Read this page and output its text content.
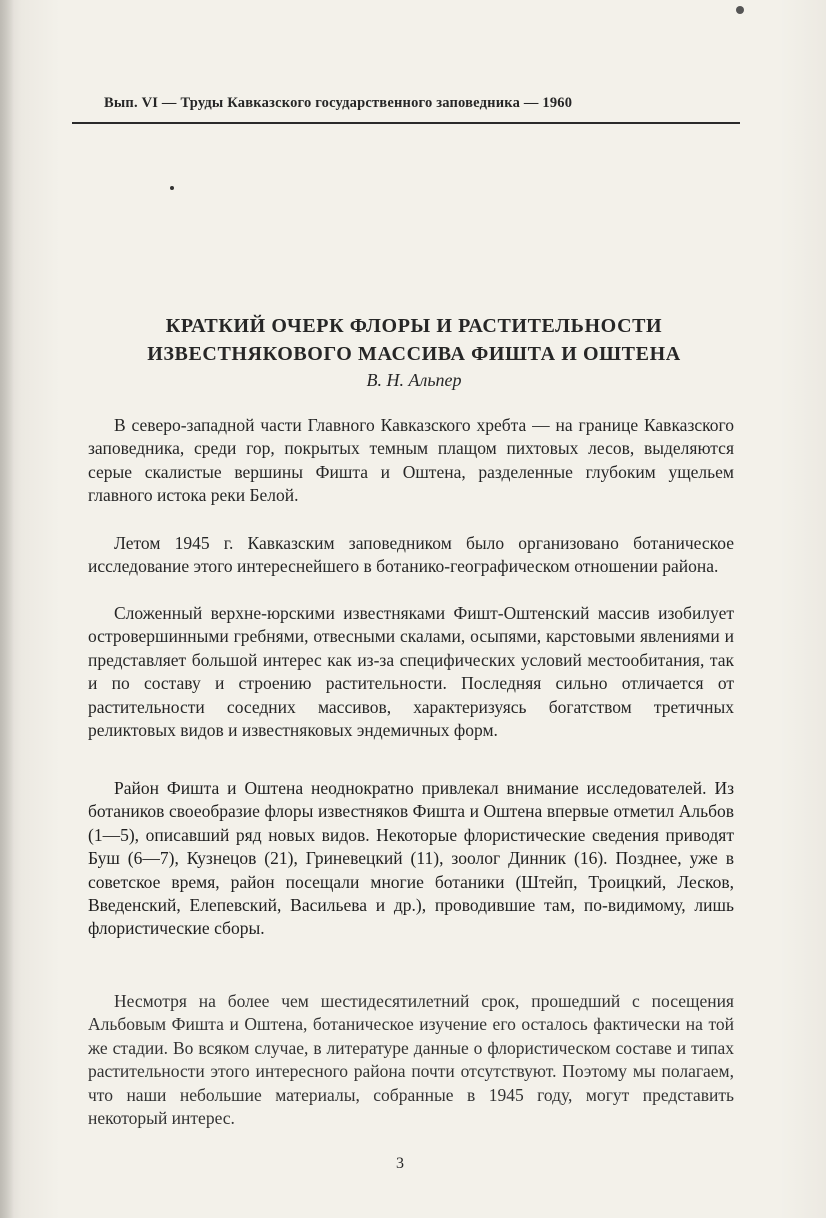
Вып. VI — Труды Кавказского государственного заповедника — 1960
КРАТКИЙ ОЧЕРК ФЛОРЫ И РАСТИТЕЛЬНОСТИ
ИЗВЕСТНЯКОВОГО МАССИВА ФИШТА И ОШТЕНА
В. Н. Альпер
В северо-западной части Главного Кавказского хребта — на границе Кавказского заповедника, среди гор, покрытых темным плащом пихтовых лесов, выделяются серые скалистые вершины Фишта и Оштена, разделенные глубоким ущельем главного истока реки Белой.
Летом 1945 г. Кавказским заповедником было организовано ботаническое исследование этого интереснейшего в ботанико-географическом отношении района.
Сложенный верхне-юрскими известняками Фишт-Оштенский массив изобилует островершинными гребнями, отвесными скалами, осыпями, карстовыми явлениями и представляет большой интерес как из-за специфических условий местообитания, так и по составу и строению растительности. Последняя сильно отличается от растительности соседних массивов, характеризуясь богатством третичных реликтовых видов и известняковых эндемичных форм.
Район Фишта и Оштена неоднократно привлекал внимание исследователей. Из ботаников своеобразие флоры известняков Фишта и Оштена впервые отметил Альбов (1—5), описавший ряд новых видов. Некоторые флористические сведения приводят Буш (6—7), Кузнецов (21), Гриневецкий (11), зоолог Динник (16). Позднее, уже в советское время, район посещали многие ботаники (Штейп, Троицкий, Лесков, Введенский, Елепевский, Васильева и др.), проводившие там, по-видимому, лишь флористические сборы.
Несмотря на более чем шестидесятилетний срок, прошедший с посещения Альбовым Фишта и Оштена, ботаническое изучение его осталось фактически на той же стадии. Во всяком случае, в литературе данные о флористическом составе и типах растительности этого интересного района почти отсутствуют. Поэтому мы полагаем, что наши небольшие материалы, собранные в 1945 году, могут представить некоторый интерес.
3
